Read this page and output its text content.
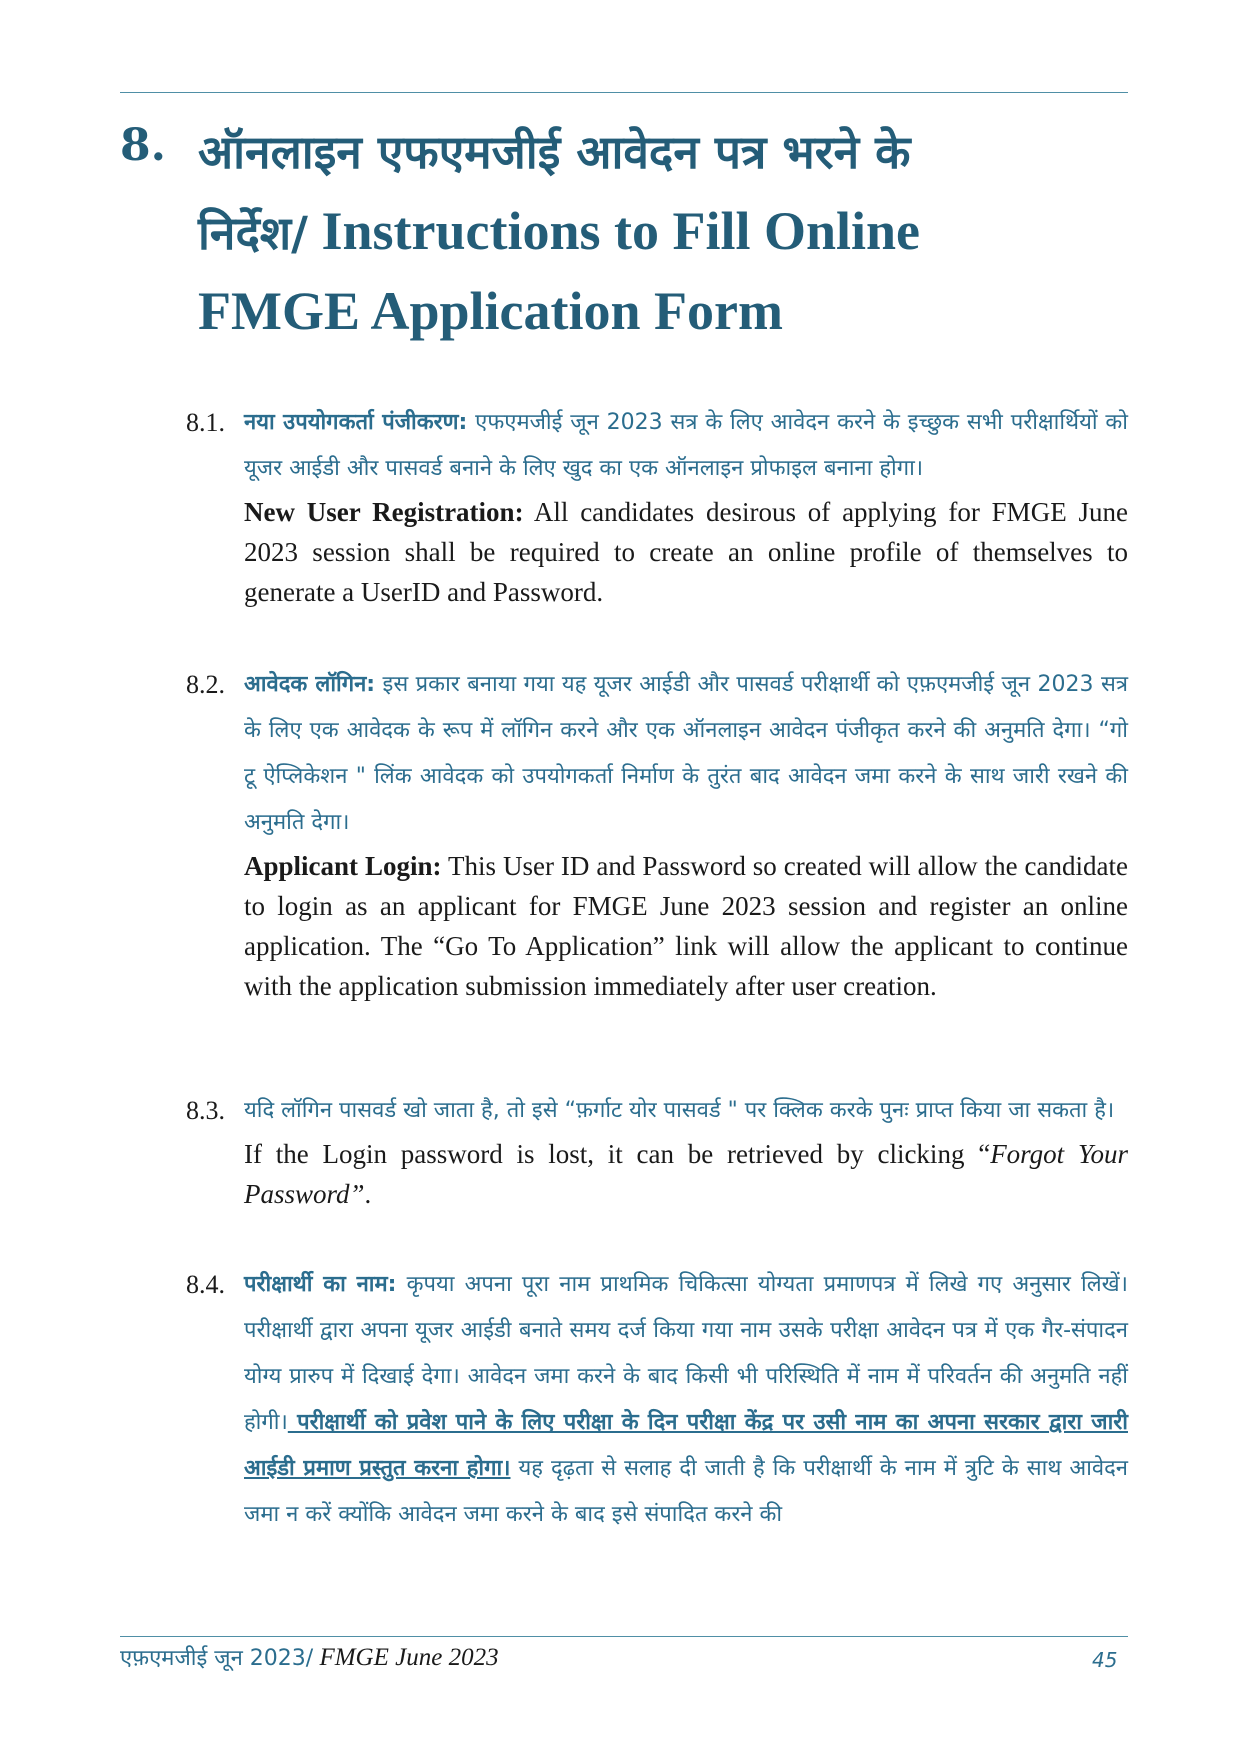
8. ऑनलाइन एफएमजीई आवेदन पत्र भरने के
निर्देश/ Instructions to Fill Online
FMGE Application Form
8.1. नया उपयोगकर्ता पंजीकरण: एफएमजीई जून 2023 सत्र के लिए आवेदन करने के इच्छुक सभी परीक्षार्थियों को यूजर आईडी और पासवर्ड बनाने के लिए खुद का एक ऑनलाइन प्रोफाइल बनाना होगा।
New User Registration: All candidates desirous of applying for FMGE June 2023 session shall be required to create an online profile of themselves to generate a UserID and Password.
8.2. आवेदक लॉगिन: इस प्रकार बनाया गया यह यूजर आईडी और पासवर्ड परीक्षार्थी को एफ़एमजीई जून 2023 सत्र के लिए एक आवेदक के रूप में लॉगिन करने और एक ऑनलाइन आवेदन पंजीकृत करने की अनुमति देगा। “गो टू ऐप्लिकेशन " लिंक आवेदक को उपयोगकर्ता निर्माण के तुरंत बाद आवेदन जमा करने के साथ जारी रखने की अनुमति देगा।
Applicant Login: This User ID and Password so created will allow the candidate to login as an applicant for FMGE June 2023 session and register an online application. The “Go To Application” link will allow the applicant to continue with the application submission immediately after user creation.
8.3. यदि लॉगिन पासवर्ड खो जाता है, तो इसे “फ़र्गाट योर पासवर्ड " पर क्लिक करके पुनः प्राप्त किया जा सकता है।
If the Login password is lost, it can be retrieved by clicking “Forgot Your Password”.
8.4. परीक्षार्थी का नाम: कृपया अपना पूरा नाम प्राथमिक चिकित्सा योग्यता प्रमाणपत्र में लिखे गए अनुसार लिखें। परीक्षार्थी द्वारा अपना यूजर आईडी बनाते समय दर्ज किया गया नाम उसके परीक्षा आवेदन पत्र में एक गैर-संपादन योग्य प्रारुप में दिखाई देगा। आवेदन जमा करने के बाद किसी भी परिस्थिति में नाम में परिवर्तन की अनुमति नहीं होगी। परीक्षार्थी को प्रवेश पाने के लिए परीक्षा के दिन परीक्षा केंद्र पर उसी नाम का अपना सरकार द्वारा जारी आईडी प्रमाण प्रस्तुत करना होगा। यह दृढ़ता से सलाह दी जाती है कि परीक्षार्थी के नाम में त्रुटि के साथ आवेदन जमा न करें क्योंकि आवेदन जमा करने के बाद इसे संपादित करने की
एफ़एमजीई जून 2023/ FMGE June 2023	45
